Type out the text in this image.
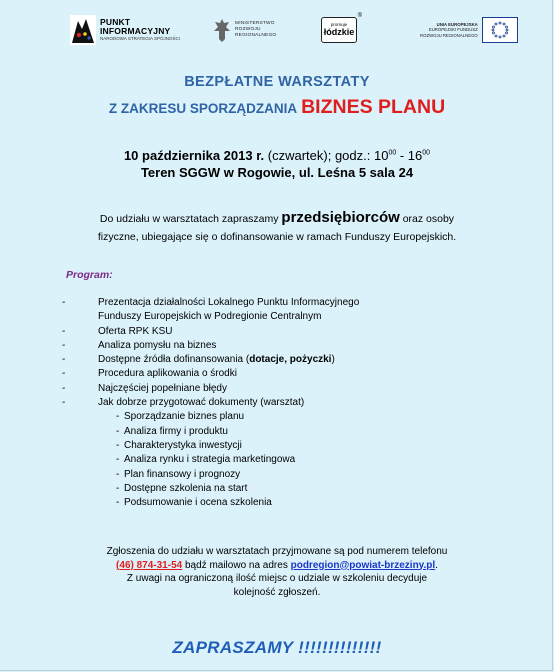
PUNKT
INFORMACYJNY
NARODOWA STRATEGIA SPÓJNOŚCI
MINISTERSTWO
ROZWOJU
REGIONALNEGO
promuje
łódzkie
®
UNIA EUROPEJSKA
EUROPEJSKI FUNDUSZ
ROZWOJU REGIONALNEGO
BEZPŁATNE WARSZTATY
Z ZAKRESU SPORZĄDZANIA BIZNES PLANU
10 października 2013 r. (czwartek); godz.: $10^{00} - 16^{00}$
Teren SGGW w Rogowie, ul. Leśna 5 sala 24
Do udziału w warsztatach zapraszamy przedsiębiorców oraz osoby
fizyczne, ubiegające się o dofinansowanie w ramach Funduszy Europejskich.
Program:
-	Prezentacja działalności Lokalnego Punktu Informacyjnego
Funduszy Europejskich w Podregionie Centralnym
-	Oferta RPK KSU
-	Analiza pomysłu na biznes
-	Dostępne źródła dofinansowania (dotacje, pożyczki)
-	Procedura aplikowania o środki
-	Najczęściej popełniane błędy
-	Jak dobrze przygotować dokumenty (warsztat)
- Sporządzanie biznes planu
- Analiza firmy i produktu
- Charakterystyka inwestycji
- Analiza rynku i strategia marketingowa
- Plan finansowy i prognozy
- Dostępne szkolenia na start
- Podsumowanie i ocena szkolenia
Zgłoszenia do udziału w warsztatach przyjmowane są pod numerem telefonu
(46) 874-31-54 bądź mailowo na adres podregion@powiat-brzeziny.pl.
Z uwagi na ograniczoną ilość miejsc o udziale w szkoleniu decyduje
kolejność zgłoszeń.
ZAPRASZAMY !!!!!!!!!!!!!!
